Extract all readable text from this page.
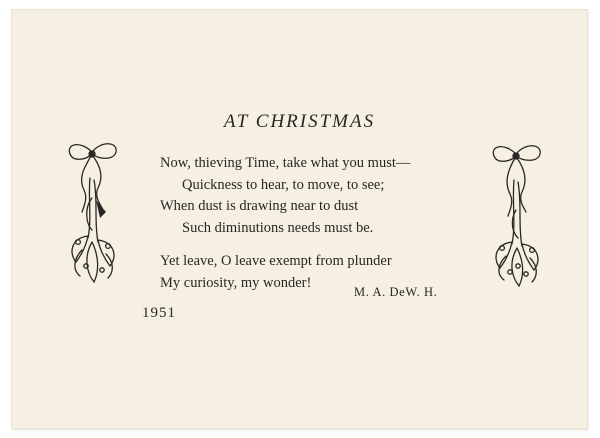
AT CHRISTMAS
Now, thieving Time, take what you must—
Quickness to hear, to move, to see;
When dust is drawing near to dust
Such diminutions needs must be.
Yet leave, O leave exempt from plunder
My curiosity, my wonder!
M. A. DeW. H.
1951
